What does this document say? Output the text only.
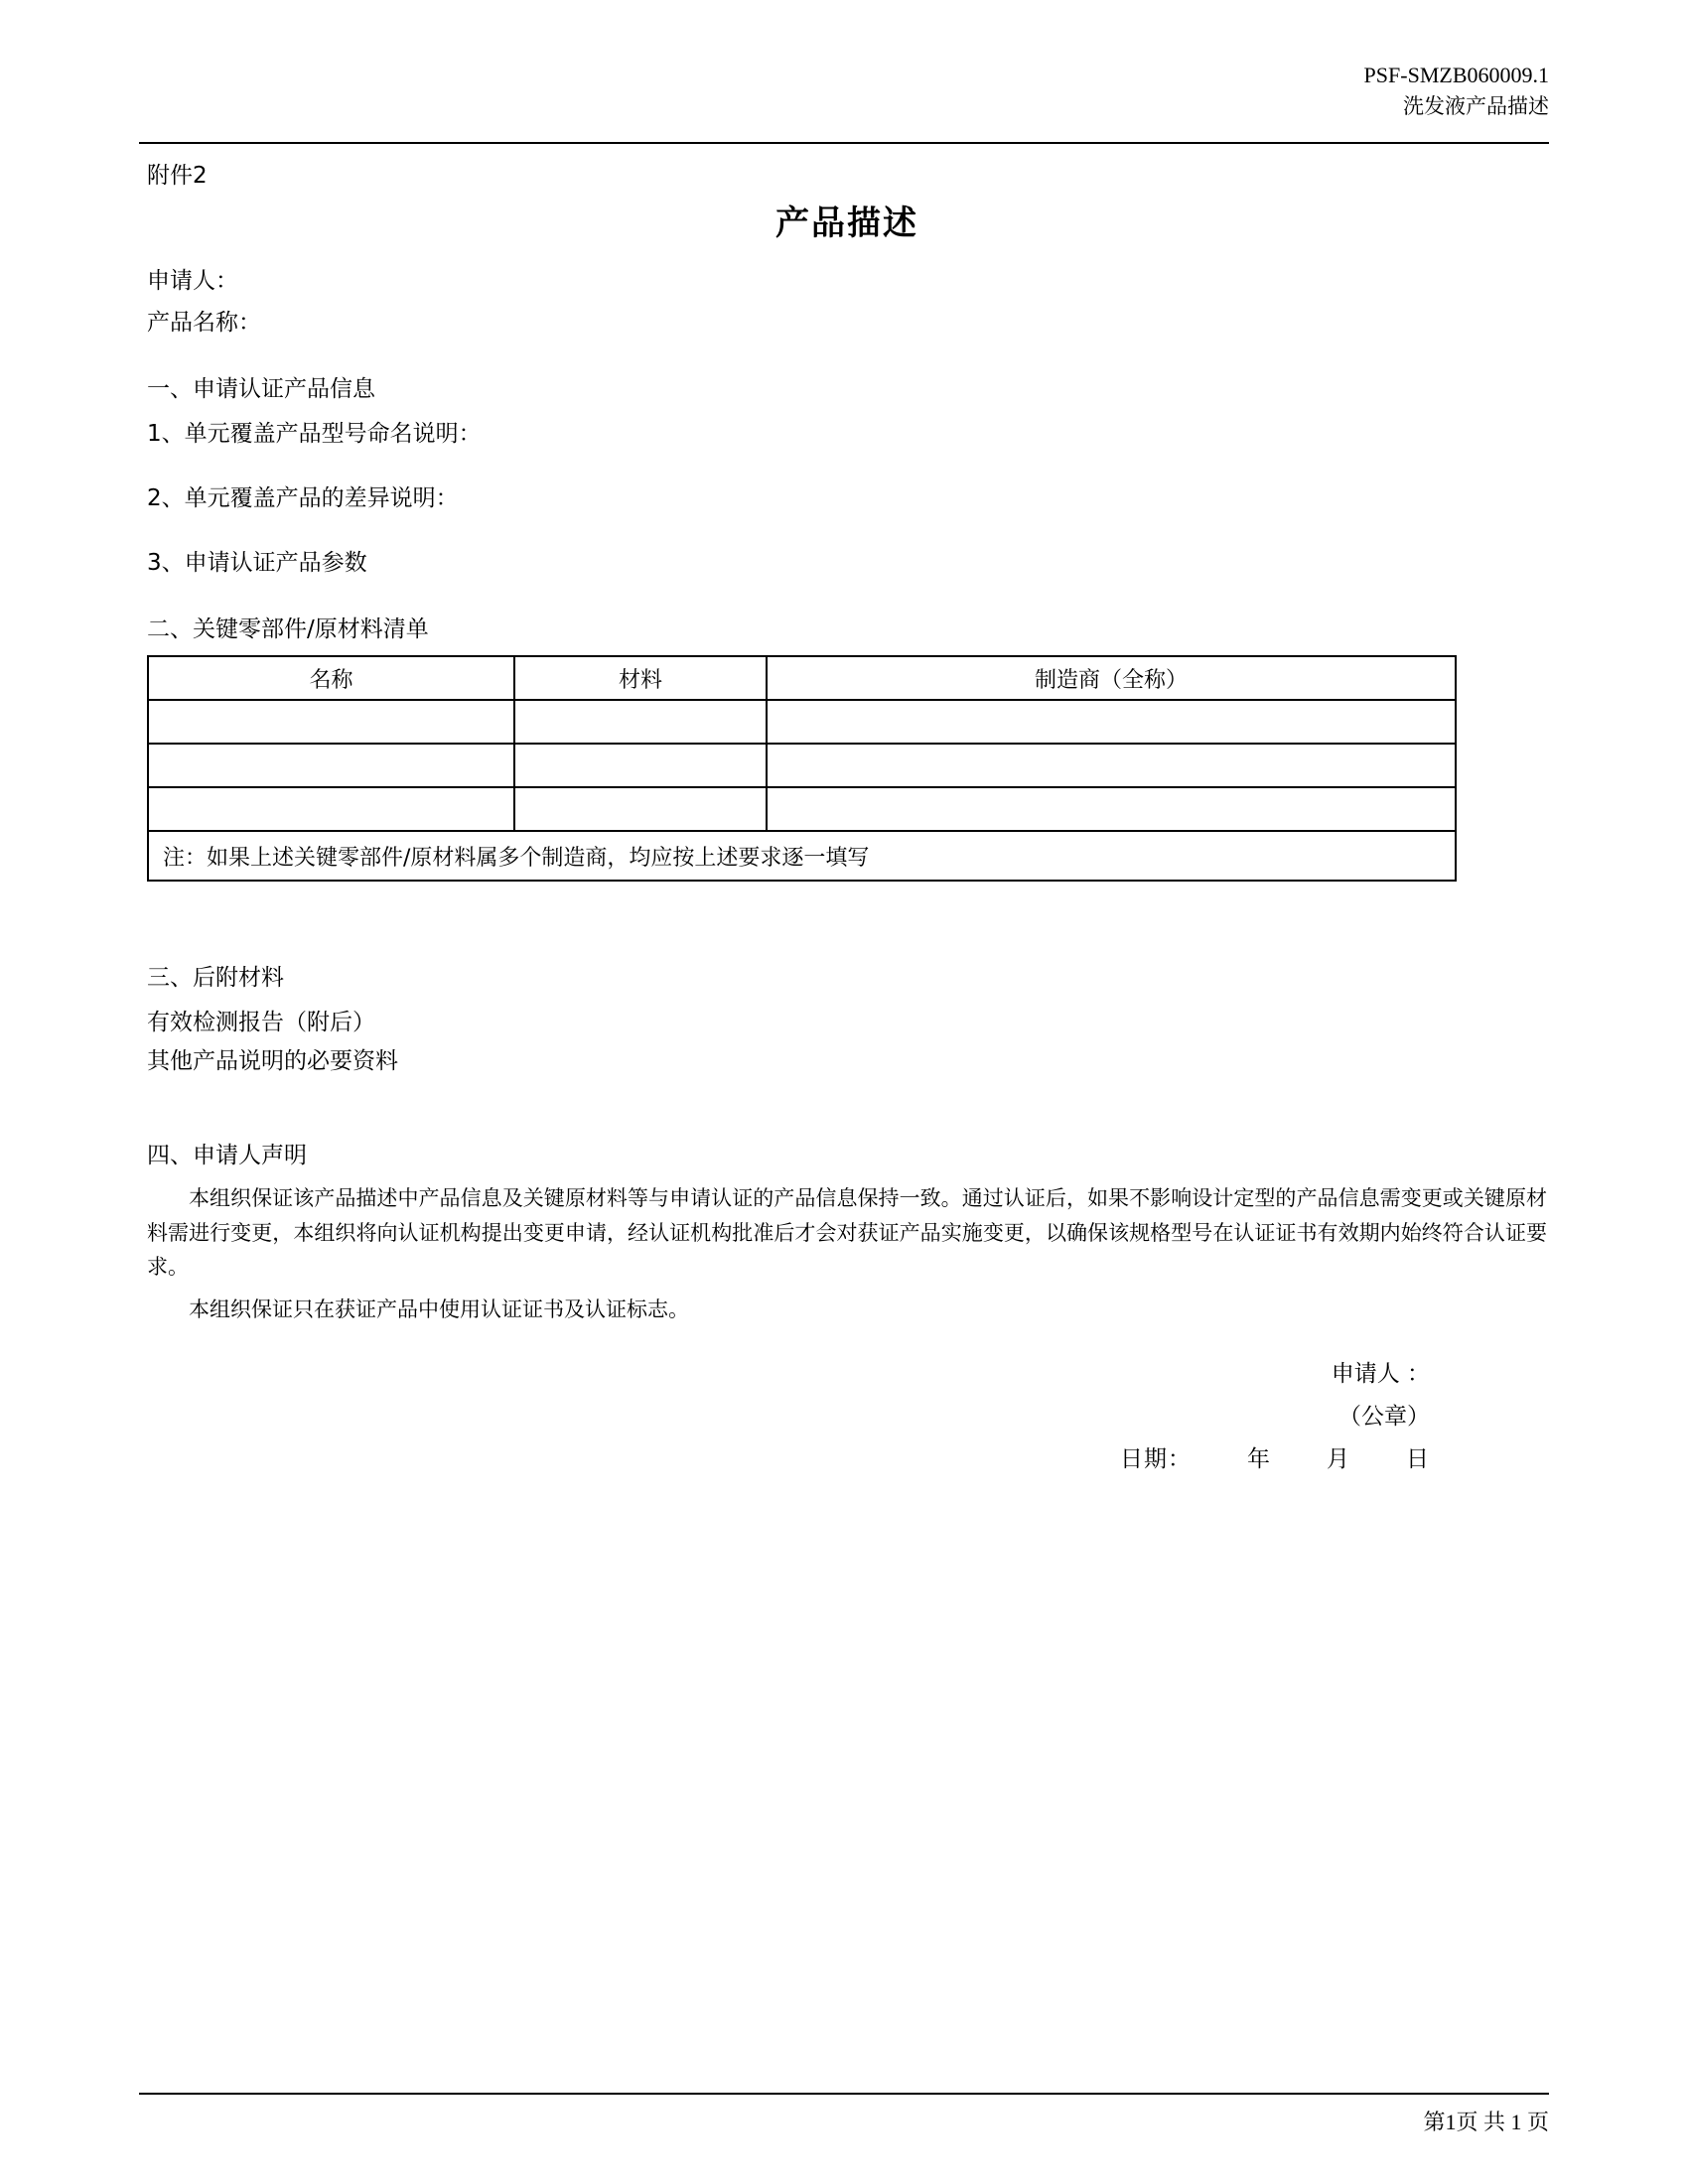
PSF-SMZB060009.1
洗发液产品描述
附件2
产品描述
申请人：
产品名称：
一、申请认证产品信息
1、单元覆盖产品型号命名说明：
2、单元覆盖产品的差异说明：
3、申请认证产品参数
二、关键零部件/原材料清单
名称	材料	制造商（全称）

注：如果上述关键零部件/原材料属多个制造商，均应按上述要求逐一填写		
三、后附材料
有效检测报告（附后）
其他产品说明的必要资料
四、申请人声明

本组织保证该产品描述中产品信息及关键原材料等与申请认证的产品信息保持一致。通过认证后，如果不影响设计定型的产品信息需变更或关键原材料需进行变更，本组织将向认证机构提出变更申请，经认证机构批准后才会对获证产品实施变更，以确保该规格型号在认证证书有效期内始终符合认证要求。

本组织保证只在获证产品中使用认证证书及认证标志。

申请人 ：
（公章）
日期： 年 月 日
第1页 共 1 页
